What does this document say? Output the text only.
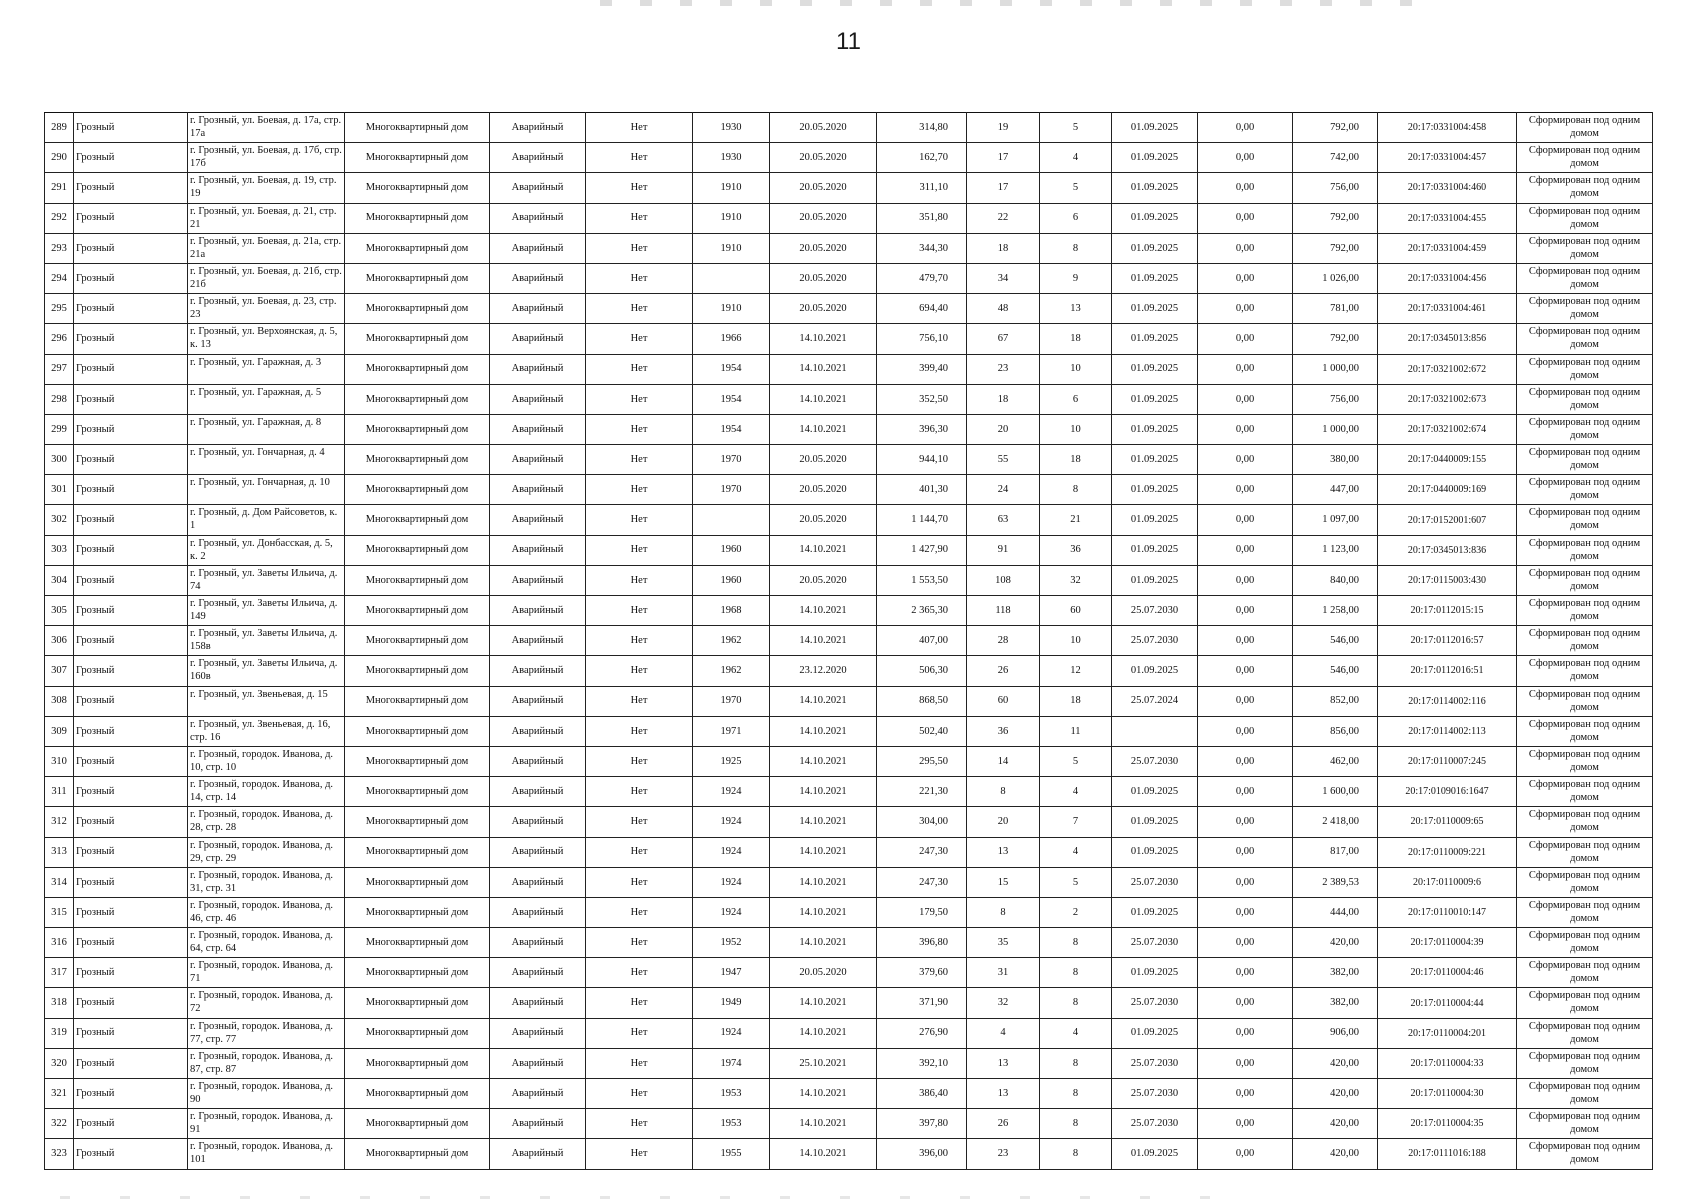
11
289	Грозный	г. Грозный, ул. Боевая, д. 17а, стр. 17а	Многоквартирный дом	Аварийный	Нет	1930	20.05.2020	314,80	19	5	01.09.2025	0,00	792,00	20:17:0331004:458	Сформирован под одним домом
290	Грозный	г. Грозный, ул. Боевая, д. 17б, стр. 17б	Многоквартирный дом	Аварийный	Нет	1930	20.05.2020	162,70	17	4	01.09.2025	0,00	742,00	20:17:0331004:457	Сформирован под одним домом
291	Грозный	г. Грозный, ул. Боевая, д. 19, стр. 19	Многоквартирный дом	Аварийный	Нет	1910	20.05.2020	311,10	17	5	01.09.2025	0,00	756,00	20:17:0331004:460	Сформирован под одним домом
292	Грозный	г. Грозный, ул. Боевая, д. 21, стр. 21	Многоквартирный дом	Аварийный	Нет	1910	20.05.2020	351,80	22	6	01.09.2025	0,00	792,00	20:17:0331004:455	Сформирован под одним домом
293	Грозный	г. Грозный, ул. Боевая, д. 21а, стр. 21а	Многоквартирный дом	Аварийный	Нет	1910	20.05.2020	344,30	18	8	01.09.2025	0,00	792,00	20:17:0331004:459	Сформирован под одним домом
294	Грозный	г. Грозный, ул. Боевая, д. 21б, стр. 21б	Многоквартирный дом	Аварийный	Нет		20.05.2020	479,70	34	9	01.09.2025	0,00	1 026,00	20:17:0331004:456	Сформирован под одним домом
295	Грозный	г. Грозный, ул. Боевая, д. 23, стр. 23	Многоквартирный дом	Аварийный	Нет	1910	20.05.2020	694,40	48	13	01.09.2025	0,00	781,00	20:17:0331004:461	Сформирован под одним домом
296	Грозный	г. Грозный, ул. Верхоянская, д. 5, к. 13	Многоквартирный дом	Аварийный	Нет	1966	14.10.2021	756,10	67	18	01.09.2025	0,00	792,00	20:17:0345013:856	Сформирован под одним домом
297	Грозный	г. Грозный, ул. Гаражная, д. 3	Многоквартирный дом	Аварийный	Нет	1954	14.10.2021	399,40	23	10	01.09.2025	0,00	1 000,00	20:17:0321002:672	Сформирован под одним домом
298	Грозный	г. Грозный, ул. Гаражная, д. 5	Многоквартирный дом	Аварийный	Нет	1954	14.10.2021	352,50	18	6	01.09.2025	0,00	756,00	20:17:0321002:673	Сформирован под одним домом
299	Грозный	г. Грозный, ул. Гаражная, д. 8	Многоквартирный дом	Аварийный	Нет	1954	14.10.2021	396,30	20	10	01.09.2025	0,00	1 000,00	20:17:0321002:674	Сформирован под одним домом
300	Грозный	г. Грозный, ул. Гончарная, д. 4	Многоквартирный дом	Аварийный	Нет	1970	20.05.2020	944,10	55	18	01.09.2025	0,00	380,00	20:17:0440009:155	Сформирован под одним домом
301	Грозный	г. Грозный, ул. Гончарная, д. 10	Многоквартирный дом	Аварийный	Нет	1970	20.05.2020	401,30	24	8	01.09.2025	0,00	447,00	20:17:0440009:169	Сформирован под одним домом
302	Грозный	г. Грозный, д. Дом Райсоветов, к. 1	Многоквартирный дом	Аварийный	Нет		20.05.2020	1 144,70	63	21	01.09.2025	0,00	1 097,00	20:17:0152001:607	Сформирован под одним домом
303	Грозный	г. Грозный, ул. Донбасская, д. 5, к. 2	Многоквартирный дом	Аварийный	Нет	1960	14.10.2021	1 427,90	91	36	01.09.2025	0,00	1 123,00	20:17:0345013:836	Сформирован под одним домом
304	Грозный	г. Грозный, ул. Заветы Ильича, д. 74	Многоквартирный дом	Аварийный	Нет	1960	20.05.2020	1 553,50	108	32	01.09.2025	0,00	840,00	20:17:0115003:430	Сформирован под одним домом
305	Грозный	г. Грозный, ул. Заветы Ильича, д. 149	Многоквартирный дом	Аварийный	Нет	1968	14.10.2021	2 365,30	118	60	25.07.2030	0,00	1 258,00	20:17:0112015:15	Сформирован под одним домом
306	Грозный	г. Грозный, ул. Заветы Ильича, д. 158в	Многоквартирный дом	Аварийный	Нет	1962	14.10.2021	407,00	28	10	25.07.2030	0,00	546,00	20:17:0112016:57	Сформирован под одним домом
307	Грозный	г. Грозный, ул. Заветы Ильича, д. 160в	Многоквартирный дом	Аварийный	Нет	1962	23.12.2020	506,30	26	12	01.09.2025	0,00	546,00	20:17:0112016:51	Сформирован под одним домом
308	Грозный	г. Грозный, ул. Звеньевая, д. 15	Многоквартирный дом	Аварийный	Нет	1970	14.10.2021	868,50	60	18	25.07.2024	0,00	852,00	20:17:0114002:116	Сформирован под одним домом
309	Грозный	г. Грозный, ул. Звеньевая, д. 16, стр. 16	Многоквартирный дом	Аварийный	Нет	1971	14.10.2021	502,40	36	11		0,00	856,00	20:17:0114002:113	Сформирован под одним домом
310	Грозный	г. Грозный, городок. Иванова, д. 10, стр. 10	Многоквартирный дом	Аварийный	Нет	1925	14.10.2021	295,50	14	5	25.07.2030	0,00	462,00	20:17:0110007:245	Сформирован под одним домом
311	Грозный	г. Грозный, городок. Иванова, д. 14, стр. 14	Многоквартирный дом	Аварийный	Нет	1924	14.10.2021	221,30	8	4	01.09.2025	0,00	1 600,00	20:17:0109016:1647	Сформирован под одним домом
312	Грозный	г. Грозный, городок. Иванова, д. 28, стр. 28	Многоквартирный дом	Аварийный	Нет	1924	14.10.2021	304,00	20	7	01.09.2025	0,00	2 418,00	20:17:0110009:65	Сформирован под одним домом
313	Грозный	г. Грозный, городок. Иванова, д. 29, стр. 29	Многоквартирный дом	Аварийный	Нет	1924	14.10.2021	247,30	13	4	01.09.2025	0,00	817,00	20:17:0110009:221	Сформирован под одним домом
314	Грозный	г. Грозный, городок. Иванова, д. 31, стр. 31	Многоквартирный дом	Аварийный	Нет	1924	14.10.2021	247,30	15	5	25.07.2030	0,00	2 389,53	20:17:0110009:6	Сформирован под одним домом
315	Грозный	г. Грозный, городок. Иванова, д. 46, стр. 46	Многоквартирный дом	Аварийный	Нет	1924	14.10.2021	179,50	8	2	01.09.2025	0,00	444,00	20:17:0110010:147	Сформирован под одним домом
316	Грозный	г. Грозный, городок. Иванова, д. 64, стр. 64	Многоквартирный дом	Аварийный	Нет	1952	14.10.2021	396,80	35	8	25.07.2030	0,00	420,00	20:17:0110004:39	Сформирован под одним домом
317	Грозный	г. Грозный, городок. Иванова, д. 71	Многоквартирный дом	Аварийный	Нет	1947	20.05.2020	379,60	31	8	01.09.2025	0,00	382,00	20:17:0110004:46	Сформирован под одним домом
318	Грозный	г. Грозный, городок. Иванова, д. 72	Многоквартирный дом	Аварийный	Нет	1949	14.10.2021	371,90	32	8	25.07.2030	0,00	382,00	20:17:0110004:44	Сформирован под одним домом
319	Грозный	г. Грозный, городок. Иванова, д. 77, стр. 77	Многоквартирный дом	Аварийный	Нет	1924	14.10.2021	276,90	4	4	01.09.2025	0,00	906,00	20:17:0110004:201	Сформирован под одним домом
320	Грозный	г. Грозный, городок. Иванова, д. 87, стр. 87	Многоквартирный дом	Аварийный	Нет	1974	25.10.2021	392,10	13	8	25.07.2030	0,00	420,00	20:17:0110004:33	Сформирован под одним домом
321	Грозный	г. Грозный, городок. Иванова, д. 90	Многоквартирный дом	Аварийный	Нет	1953	14.10.2021	386,40	13	8	25.07.2030	0,00	420,00	20:17:0110004:30	Сформирован под одним домом
322	Грозный	г. Грозный, городок. Иванова, д. 91	Многоквартирный дом	Аварийный	Нет	1953	14.10.2021	397,80	26	8	25.07.2030	0,00	420,00	20:17:0110004:35	Сформирован под одним домом
323	Грозный	г. Грозный, городок. Иванова, д. 101	Многоквартирный дом	Аварийный	Нет	1955	14.10.2021	396,00	23	8	01.09.2025	0,00	420,00	20:17:0111016:188	Сформирован под одним домом
